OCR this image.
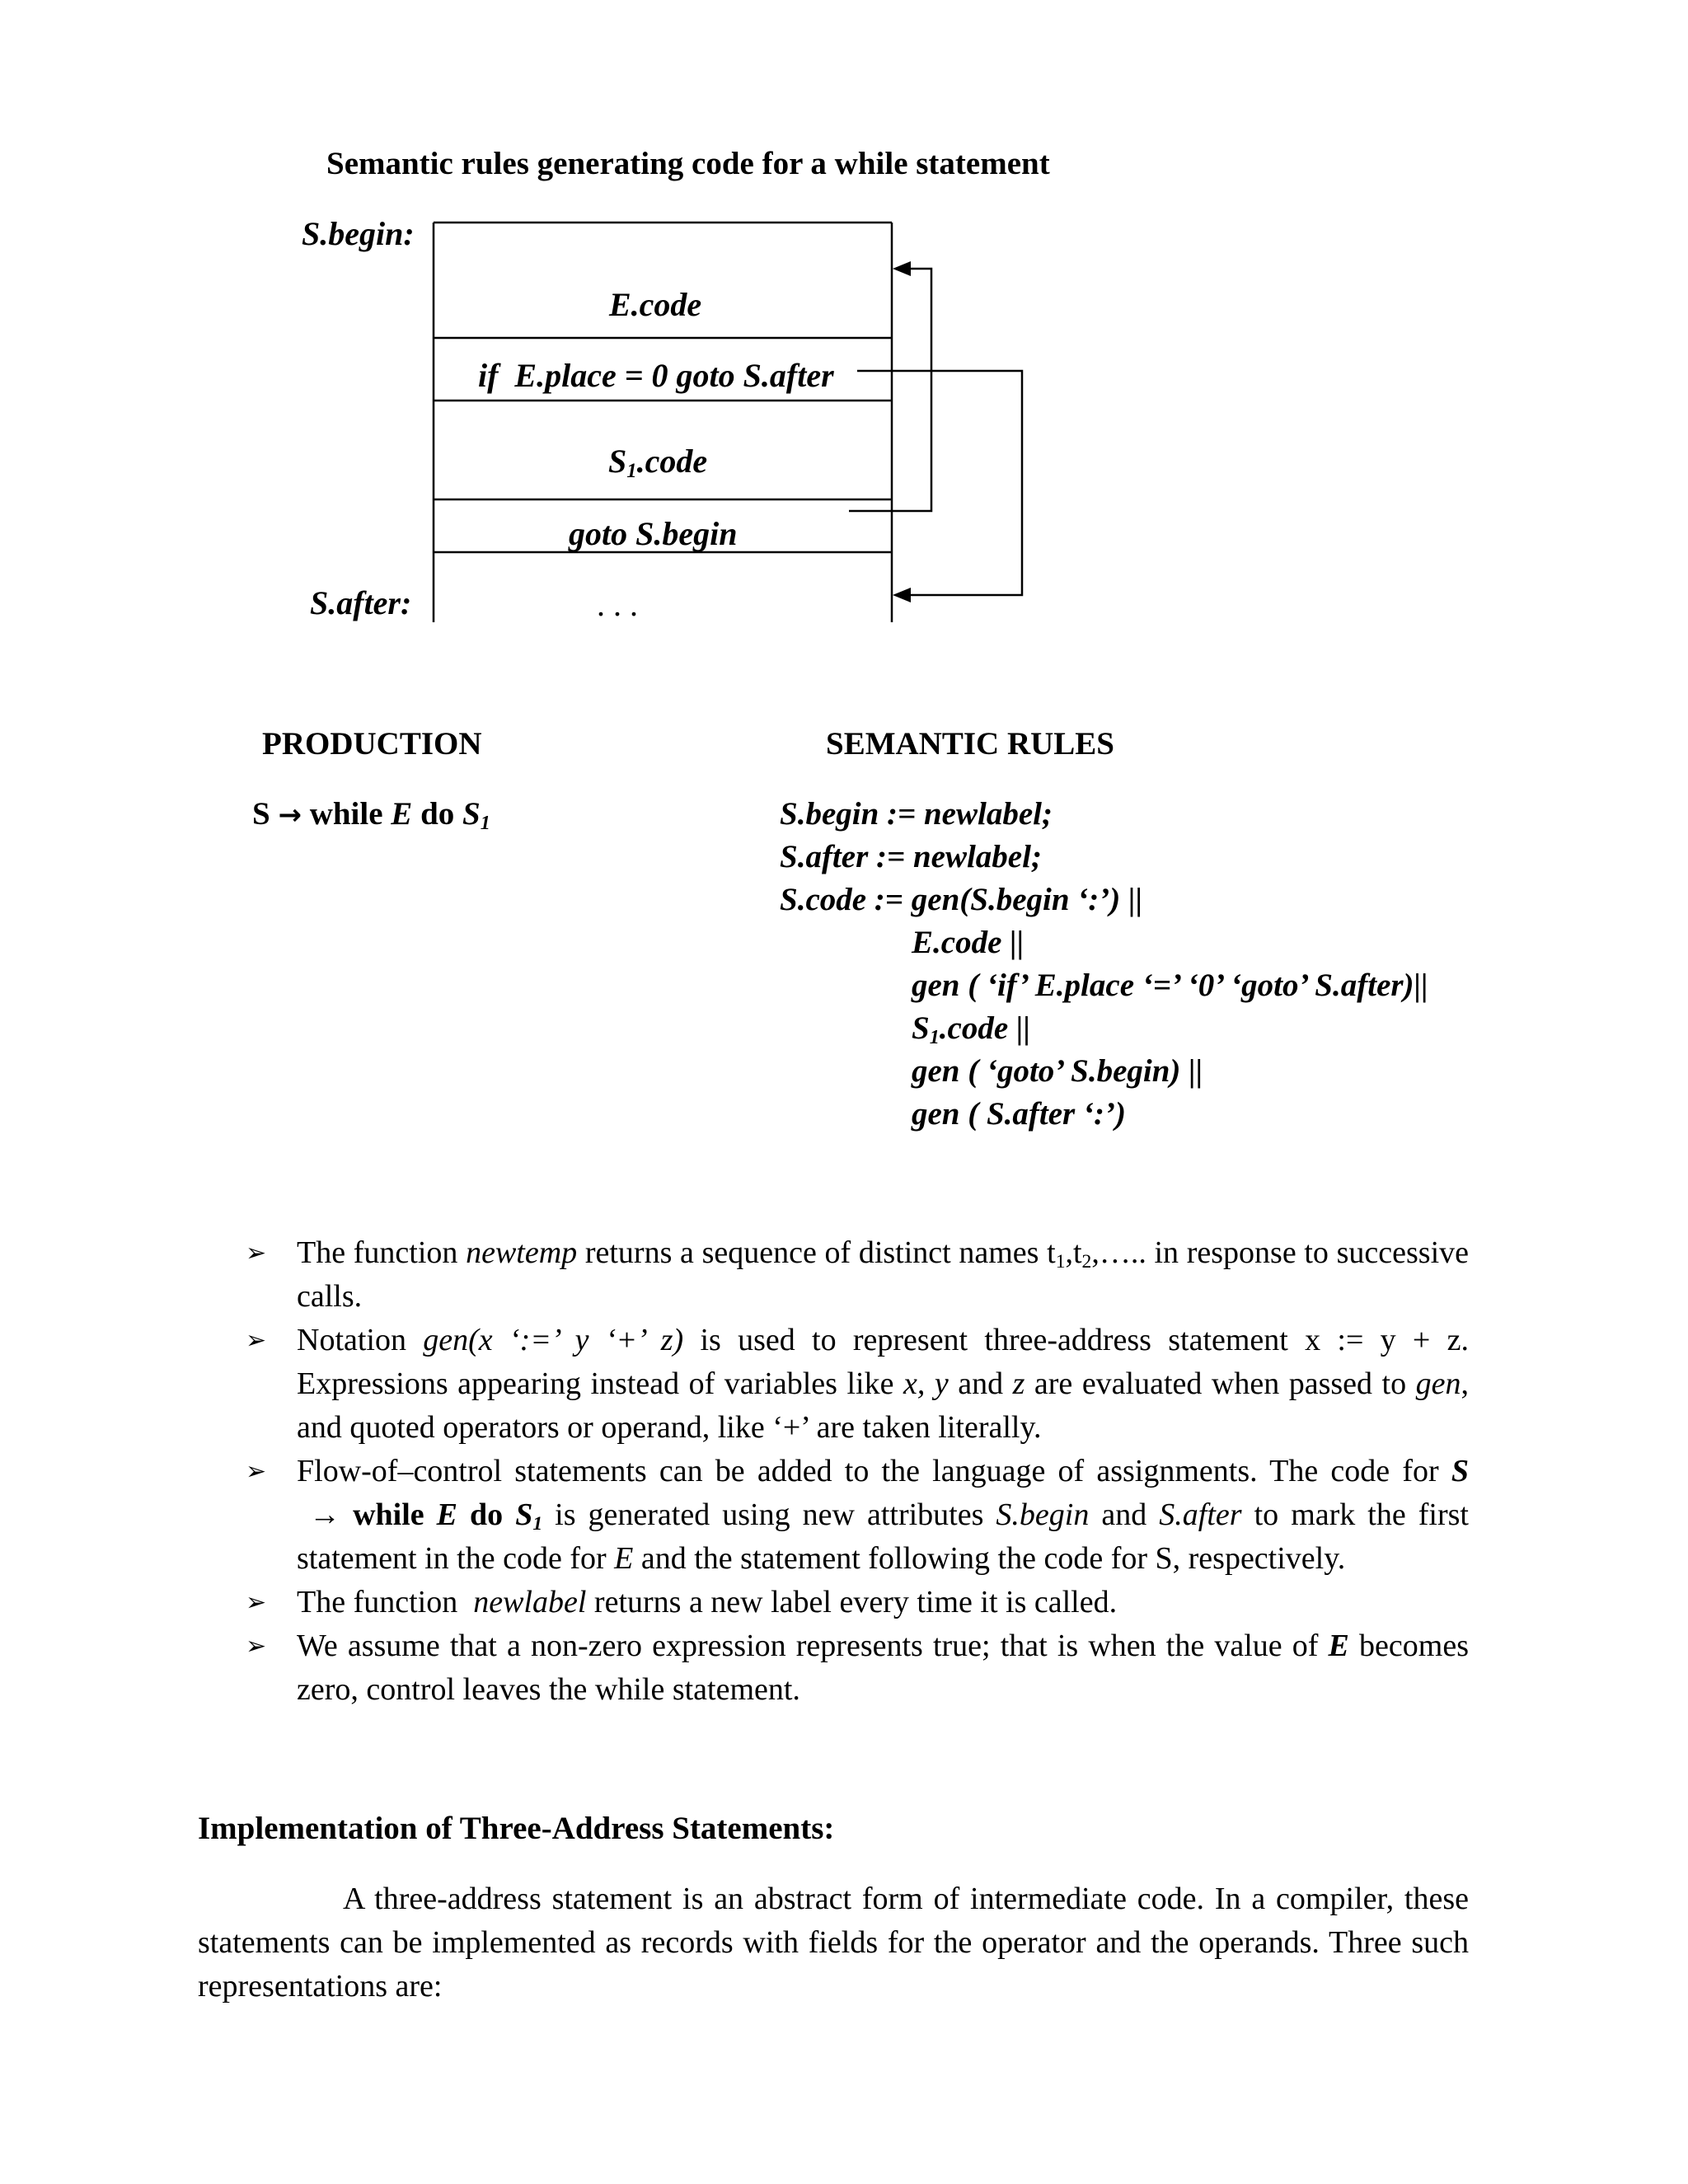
Semantic rules generating code for a while statement
S.begin:
S.after:
E.code
if  E.place = 0 goto S.after
$S_1.code$
goto S.begin
. . .
PRODUCTION	SEMANTIC RULES
S → while E do $S_1$	S.begin := newlabel;
S.after := newlabel;
S.code := gen(S.begin ‘:’) ||
E.code ||
gen ( ‘if’ E.place ‘=’ ‘0’ ‘goto’ S.after)||
$S_1.code$ ||
gen ( ‘goto’ S.begin) ||
gen ( S.after ‘:’)
➢ The function newtemp returns a sequence of distinct names $t_1,t_2,\dots$.. in response to successive calls.
➢ Notation gen(x ‘:=’ y ‘+’ z) is used to represent three-address statement x := y + z. Expressions appearing instead of variables like x, y and z are evaluated when passed to gen, and quoted operators or operand, like ‘+’ are taken literally.
➢ Flow-of–control statements can be added to the language of assignments. The code for S → while E do $S_1$ is generated using new attributes S.begin and S.after to mark the first statement in the code for E and the statement following the code for S, respectively.
➢ The function  newlabel returns a new label every time it is called.
➢ We assume that a non-zero expression represents true; that is when the value of E becomes zero, control leaves the while statement.
Implementation of Three-Address Statements:
A three-address statement is an abstract form of intermediate code. In a compiler, these statements can be implemented as records with fields for the operator and the operands. Three such representations are:
